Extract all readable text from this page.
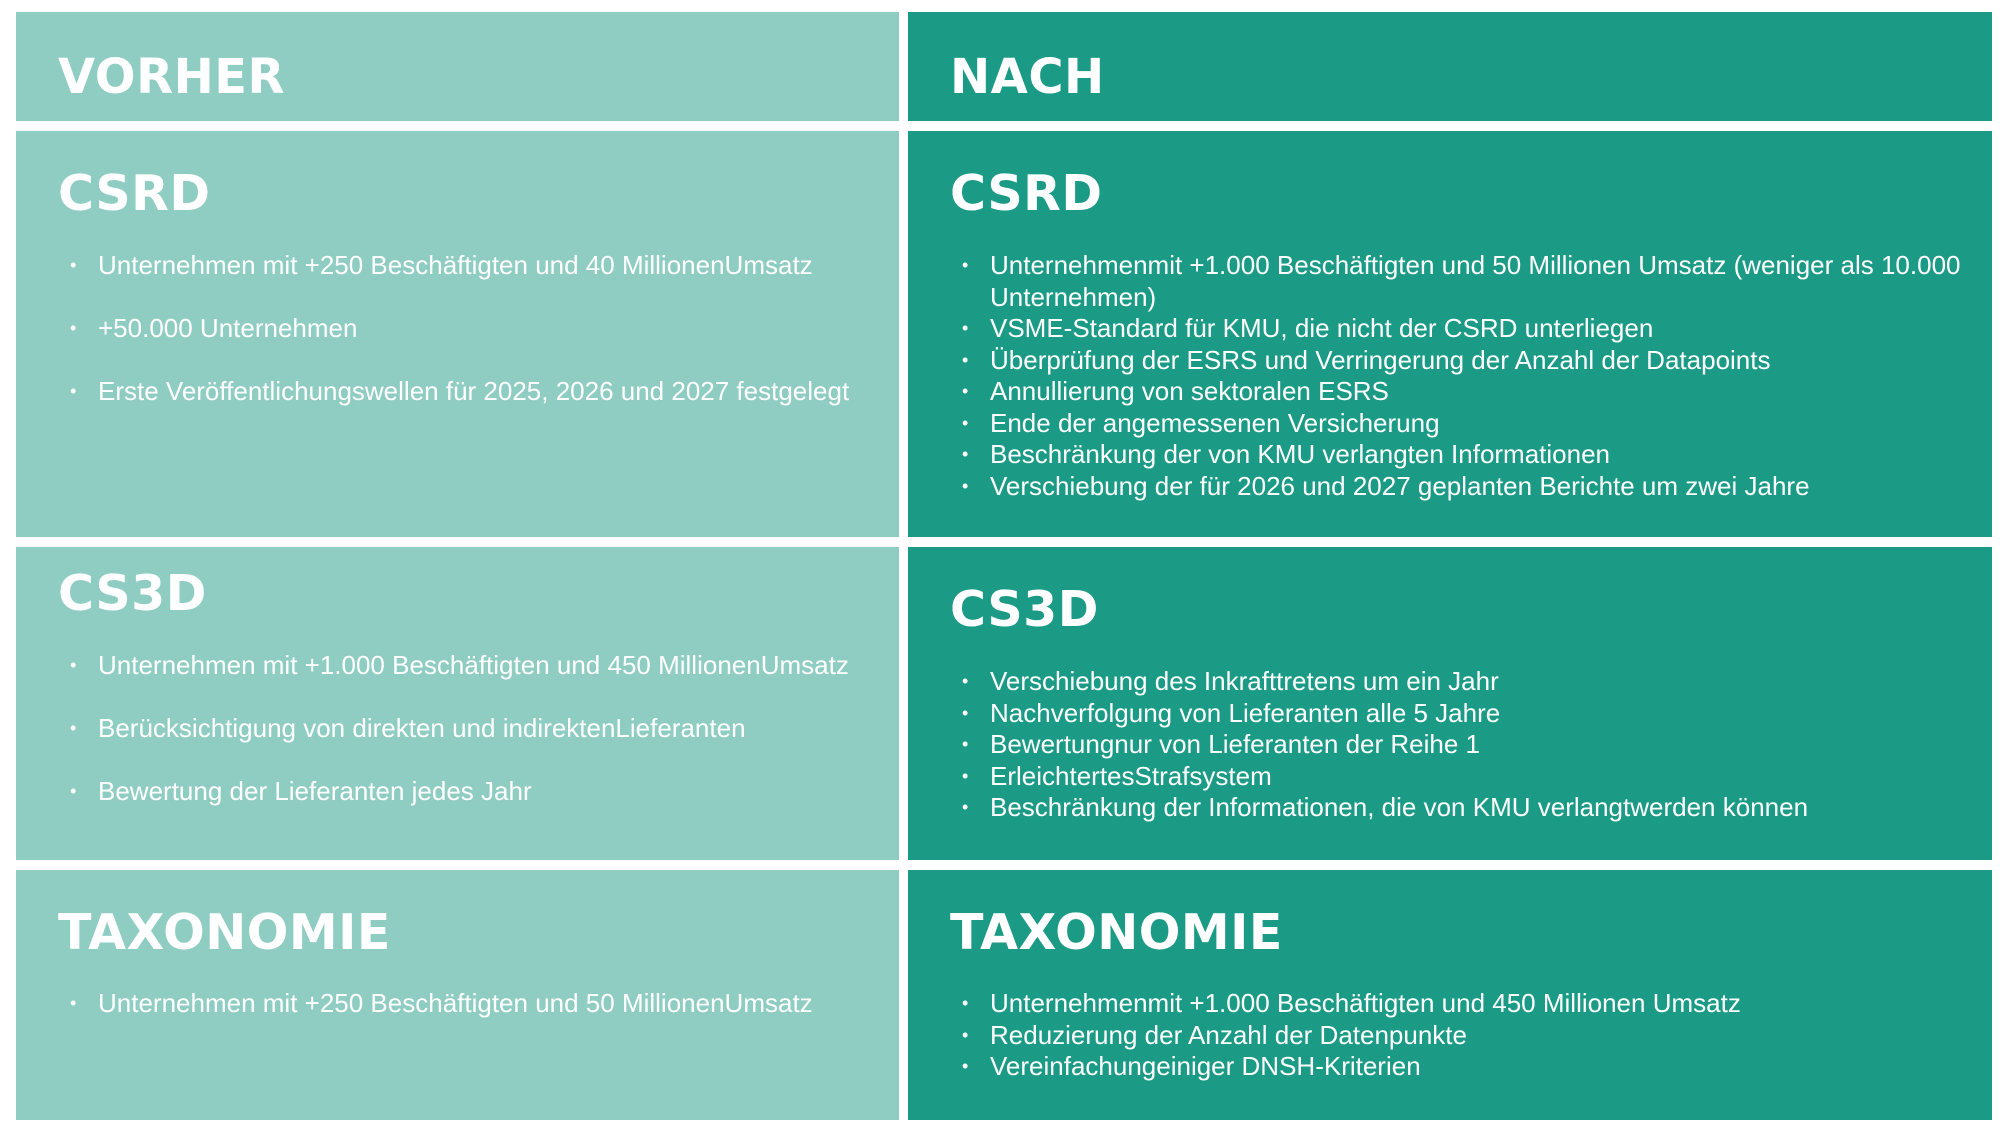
VORHER	NACH
CSRD
• Unternehmen mit +250 Beschäftigten und 40 MillionenUmsatz
• +50.000 Unternehmen
• Erste Veröffentlichungswellen für 2025, 2026 und 2027 festgelegt
CSRD
• Unternehmenmit +1.000 Beschäftigten und 50 Millionen Umsatz (weniger als 10.000 Unternehmen)
• VSME-Standard für KMU, die nicht der CSRD unterliegen
• Überprüfung der ESRS und Verringerung der Anzahl der Datapoints
• Annullierung von sektoralen ESRS
• Ende der angemessenen Versicherung
• Beschränkung der von KMU verlangten Informationen
• Verschiebung der für 2026 und 2027 geplanten Berichte um zwei Jahre
CS3D
• Unternehmen mit +1.000 Beschäftigten und 450 MillionenUmsatz
• Berücksichtigung von direkten und indirektenLieferanten
• Bewertung der Lieferanten jedes Jahr
CS3D
• Verschiebung des Inkrafttretens um ein Jahr
• Nachverfolgung von Lieferanten alle 5 Jahre
• Bewertungnur von Lieferanten der Reihe 1
• ErleichtertesStrafsystem
• Beschränkung der Informationen, die von KMU verlangtwerden können
TAXONOMIE
• Unternehmen mit +250 Beschäftigten und 50 MillionenUmsatz
TAXONOMIE
• Unternehmenmit +1.000 Beschäftigten und 450 Millionen Umsatz
• Reduzierung der Anzahl der Datenpunkte
• Vereinfachungeiniger DNSH-Kriterien
